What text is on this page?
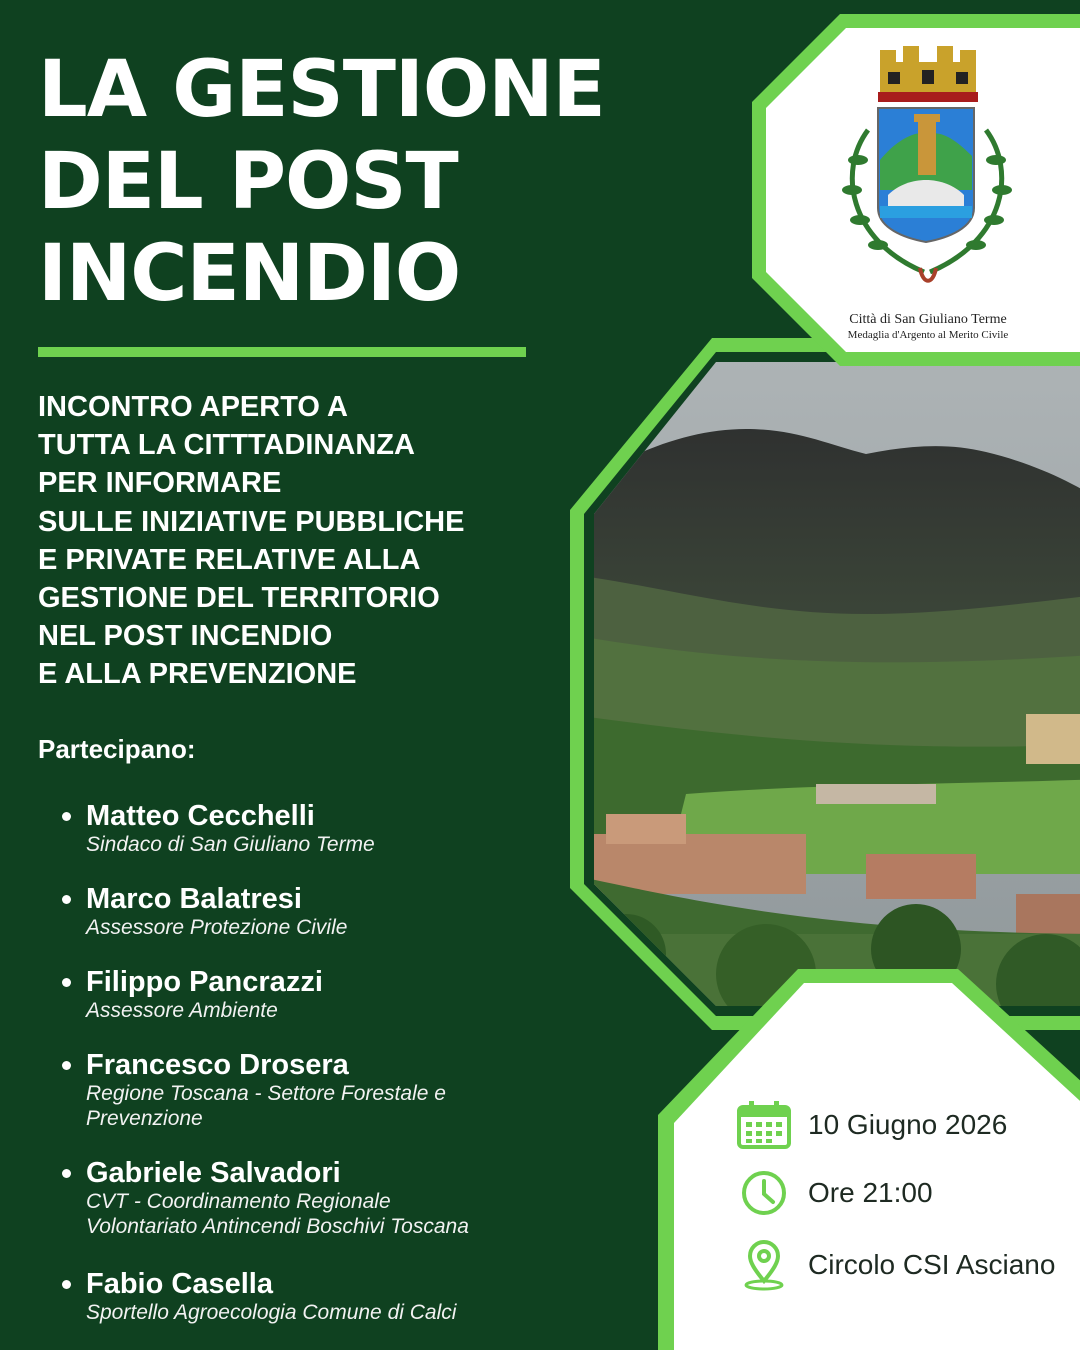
LA GESTIONE
DEL POST
INCENDIO
INCONTRO APERTO A
TUTTA LA CITTTADINANZA
PER INFORMARE
SULLE INIZIATIVE PUBBLICHE
E PRIVATE RELATIVE ALLA
GESTIONE DEL TERRITORIO
NEL POST INCENDIO
E ALLA PREVENZIONE
Partecipano:
Matteo Cecchelli
Sindaco di San Giuliano Terme
Marco Balatresi
Assessore Protezione Civile
Filippo Pancrazzi
Assessore Ambiente
Francesco Drosera
Regione Toscana - Settore Forestale e
Prevenzione
Gabriele Salvadori
CVT - Coordinamento Regionale
Volontariato Antincendi Boschivi Toscana
Fabio Casella
Sportello Agroecologia Comune di Calci
Città di San Giuliano Terme
Medaglia d'Argento al Merito Civile
10 Giugno 2026
Ore 21:00
Circolo CSI Asciano
